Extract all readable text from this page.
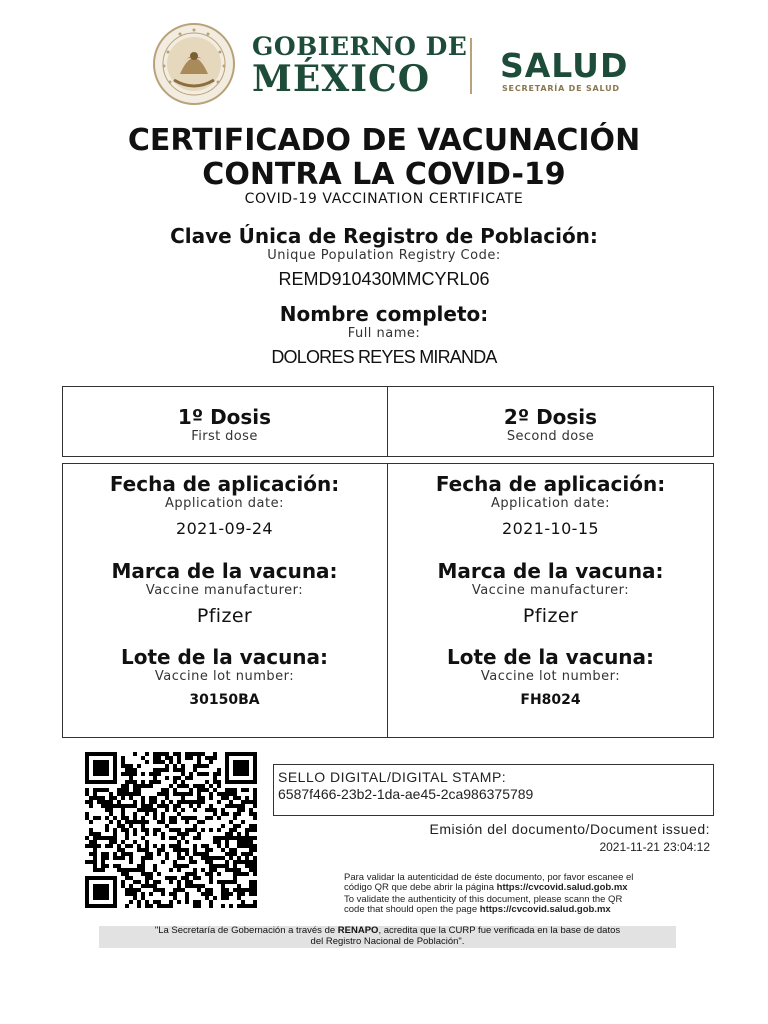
GOBIERNO DE
MÉXICO SALUD
SECRETARÍA DE SALUD
CERTIFICADO DE VACUNACIÓN
CONTRA LA COVID-19
COVID-19 VACCINATION CERTIFICATE
Clave Única de Registro de Población:
Unique Population Registry Code:
REMD910430MMCYRL06
Nombre completo:
Full name:
DOLORES REYES MIRANDA
1º Dosis
First dose
2º Dosis
Second dose
Fecha de aplicación:
Application date:
2021-09-24
Marca de la vacuna:
Vaccine manufacturer:
Pfizer
Lote de la vacuna:
Vaccine lot number:
30150BA
Fecha de aplicación:
Application date:
2021-10-15
Marca de la vacuna:
Vaccine manufacturer:
Pfizer
Lote de la vacuna:
Vaccine lot number:
FH8024
SELLO DIGITAL/DIGITAL STAMP:
6587f466-23b2-1da-ae45-2ca986375789
Emisión del documento/Document issued:
2021-11-21 23:04:12
Para validar la autenticidad de éste documento, por favor escanee el
código QR que debe abrir la página https://cvcovid.salud.gob.mx
To validate the authenticity of this document, please scann the QR
code that should open the page https://cvcovid.salud.gob.mx
"La Secretaría de Gobernación a través de RENAPO, acredita que la CURP fue verificada en la base de datos
del Registro Nacional de Población".
